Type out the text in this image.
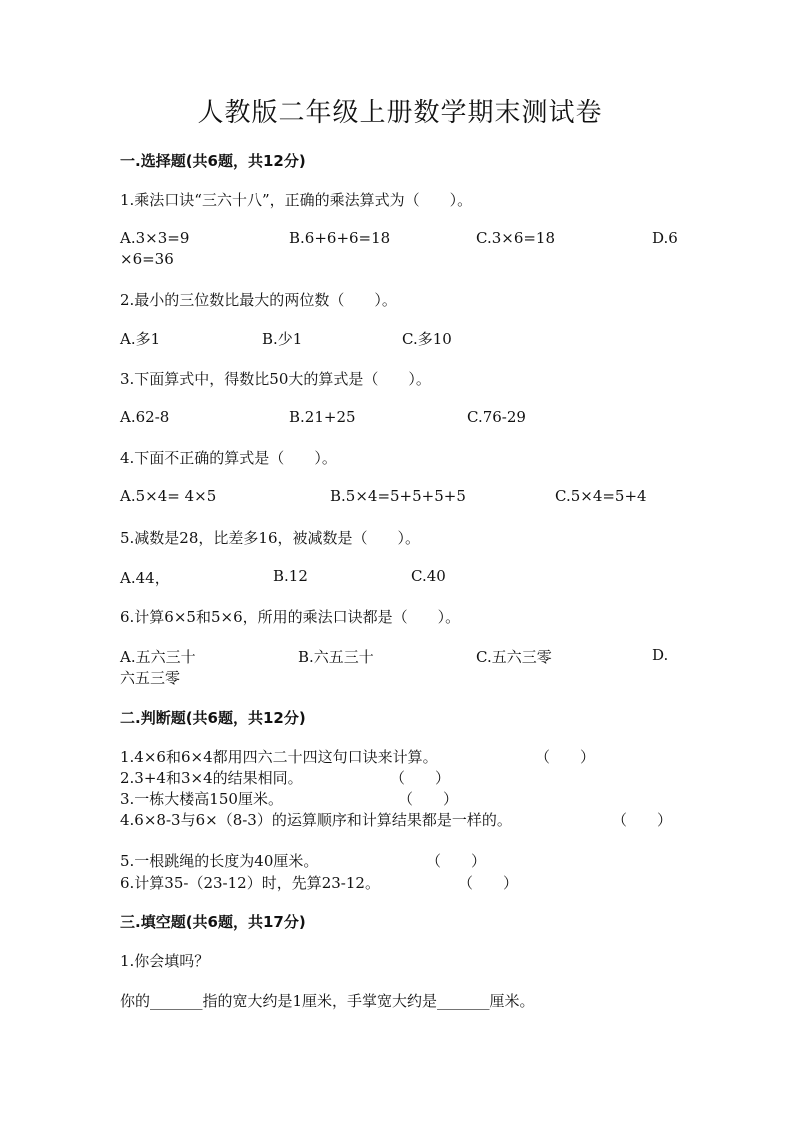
人教版二年级上册数学期末测试卷
一.选择题(共6题，共12分)
1.乘法口诀“三六十八”，正确的乘法算式为（　　）。
A.3×3=9	B.6+6+6=18	C.3×6=18	D.6
×6=36
2.最小的三位数比最大的两位数（　　）。
A.多1	B.少1	C.多10
3.下面算式中，得数比50大的算式是（　　）。
A.62-8	B.21+25	C.76-29
4.下面不正确的算式是（　　）。
A.5×4= 4×5	B.5×4=5+5+5+5	C.5×4=5+4
5.减数是28，比差多16，被减数是（　　）。
A.44，	B.12	C.40
6.计算6×5和5×6，所用的乘法口诀都是（　　）。
A.五六三十	B.六五三十	C.五六三零	D.
六五三零
二.判断题(共6题，共12分)
1.4×6和6×4都用四六二十四这句口诀来计算。	（　　）
2.3+4和3×4的结果相同。	（　　）
3.一栋大楼高150厘米。	（　　）
4.6×8-3与6×（8-3）的运算顺序和计算结果都是一样的。	（　　）
5.一根跳绳的长度为40厘米。	（　　）
6.计算35-（23-12）时，先算23-12。	（　　）
三.填空题(共6题，共17分)
1.你会填吗？
你的_______指的宽大约是1厘米，手掌宽大约是_______厘米。
